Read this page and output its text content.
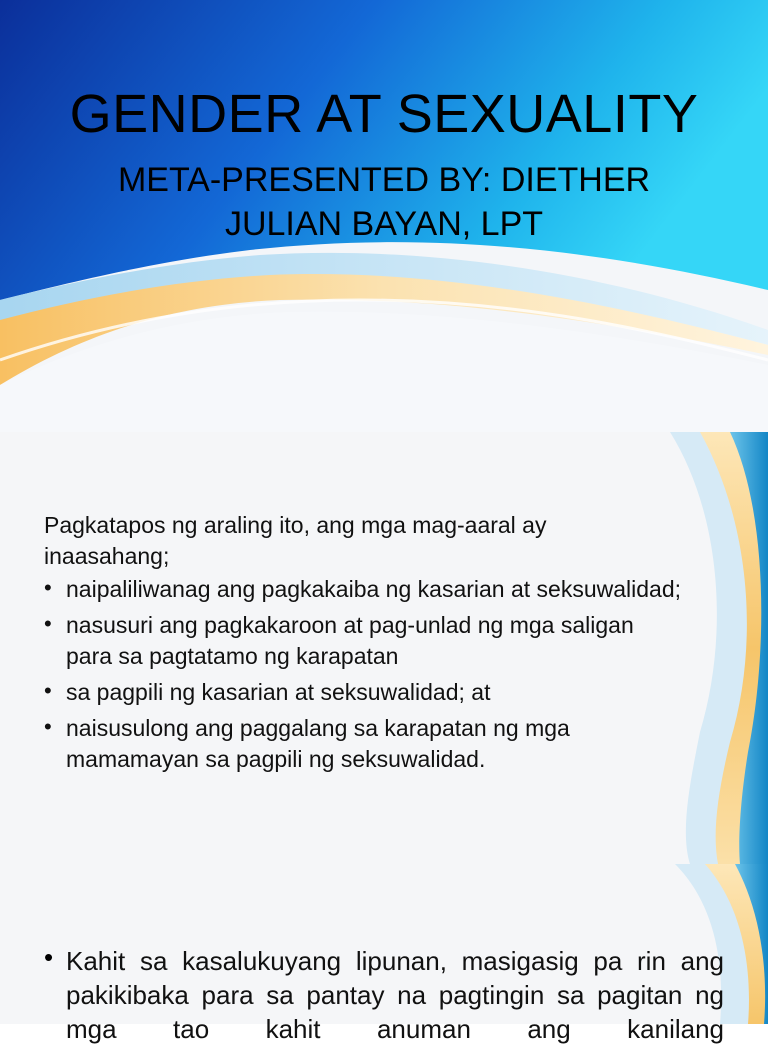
GENDER AT SEXUALITY
META-PRESENTED BY: DIETHER JULIAN BAYAN, LPT
Pagkatapos ng araling ito, ang mga mag-aaral ay inaasahang;
• naipaliliwanag ang pagkakaiba ng kasarian at seksuwalidad;
• nasusuri ang pagkakaroon at pag-unlad ng mga saligan para sa pagtatamo ng karapatan
• sa pagpili ng kasarian at seksuwalidad; at
• naisusulong ang paggalang sa karapatan ng mga mamamayan sa pagpili ng seksuwalidad.
• Kahit sa kasalukuyang lipunan, masigasig pa rin ang pakikibaka para sa pantay na pagtingin sa pagitan ng mga tao kahit anuman ang kanilang
